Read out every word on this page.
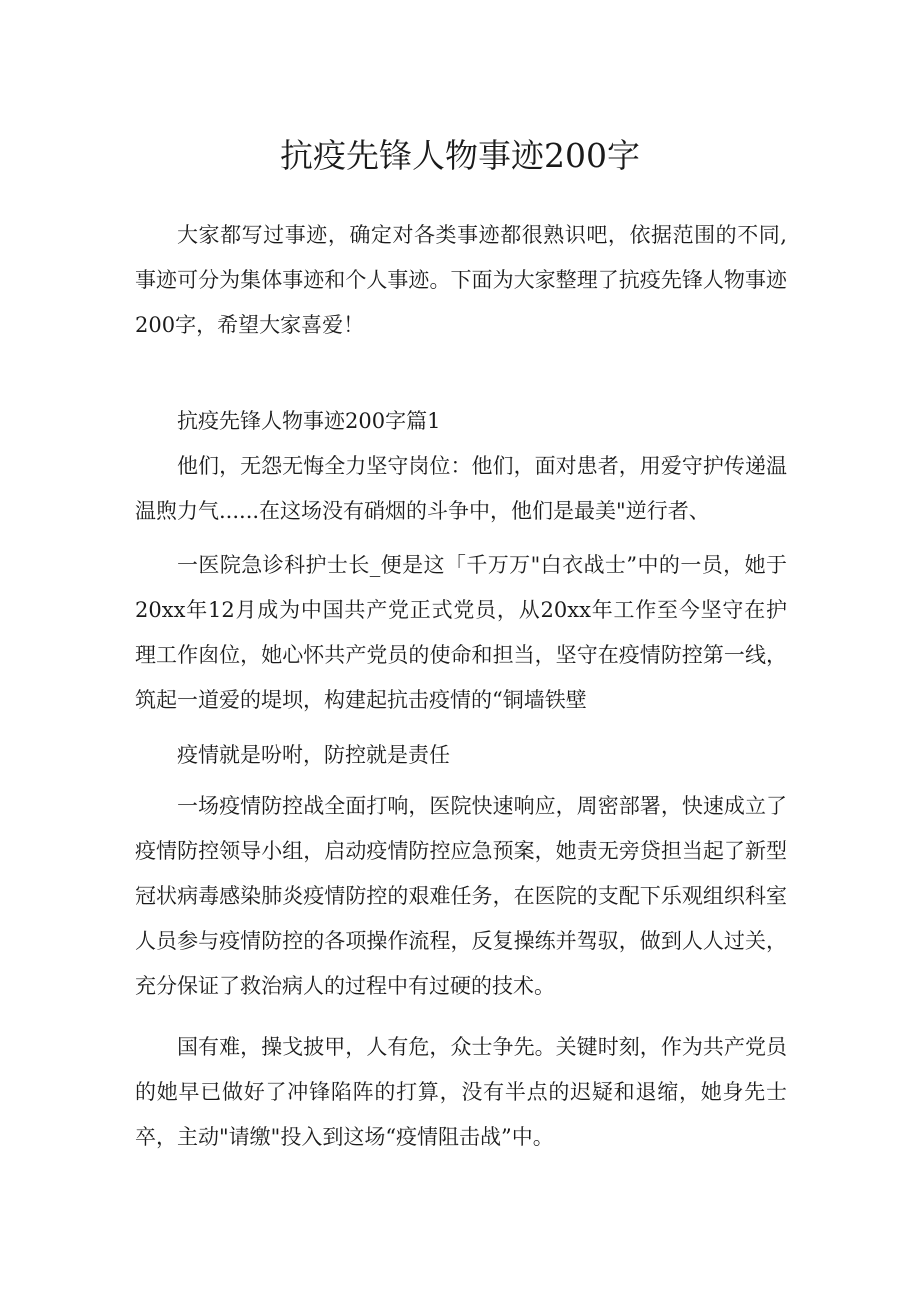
抗疫先锋人物事迹200字

大家都写过事迹，确定对各类事迹都很熟识吧，依据范围的不同,事迹可分为集体事迹和个人事迹。下面为大家整理了抗疫先锋人物事迹200字，希望大家喜爱！

抗疫先锋人物事迹200字篇1

他们，无怨无悔全力坚守岗位：他们，面对患者，用爱守护传递温温煦力气......在这场没有硝烟的斗争中，他们是最美"逆行者、

一医院急诊科护士长_便是这「千万万"白衣战士”中的一员，她于20xx年12月成为中国共产党正式党员，从20xx年工作至今坚守在护理工作囱位，她心怀共产党员的使命和担当，坚守在疫情防控第一线，筑起一道爱的堤坝，构建起抗击疫情的“铜墙铁壁

疫情就是吩咐，防控就是责任

一场疫情防控战全面打响，医院快速响应，周密部署，快速成立了疫情防控领导小组，启动疫情防控应急预案，她责无旁贷担当起了新型冠状病毒感染肺炎疫情防控的艰难任务，在医院的支配下乐观组织科室人员参与疫情防控的各项操作流程，反复操练并驾驭，做到人人过关，充分保证了救治病人的过程中有过硬的技术。

国有难，操戈披甲，人有危，众士争先。关键时刻，作为共产党员的她早已做好了冲锋陷阵的打算，没有半点的迟疑和退缩，她身先士卒，主动"请缴"投入到这场“疫情阻击战”中。
